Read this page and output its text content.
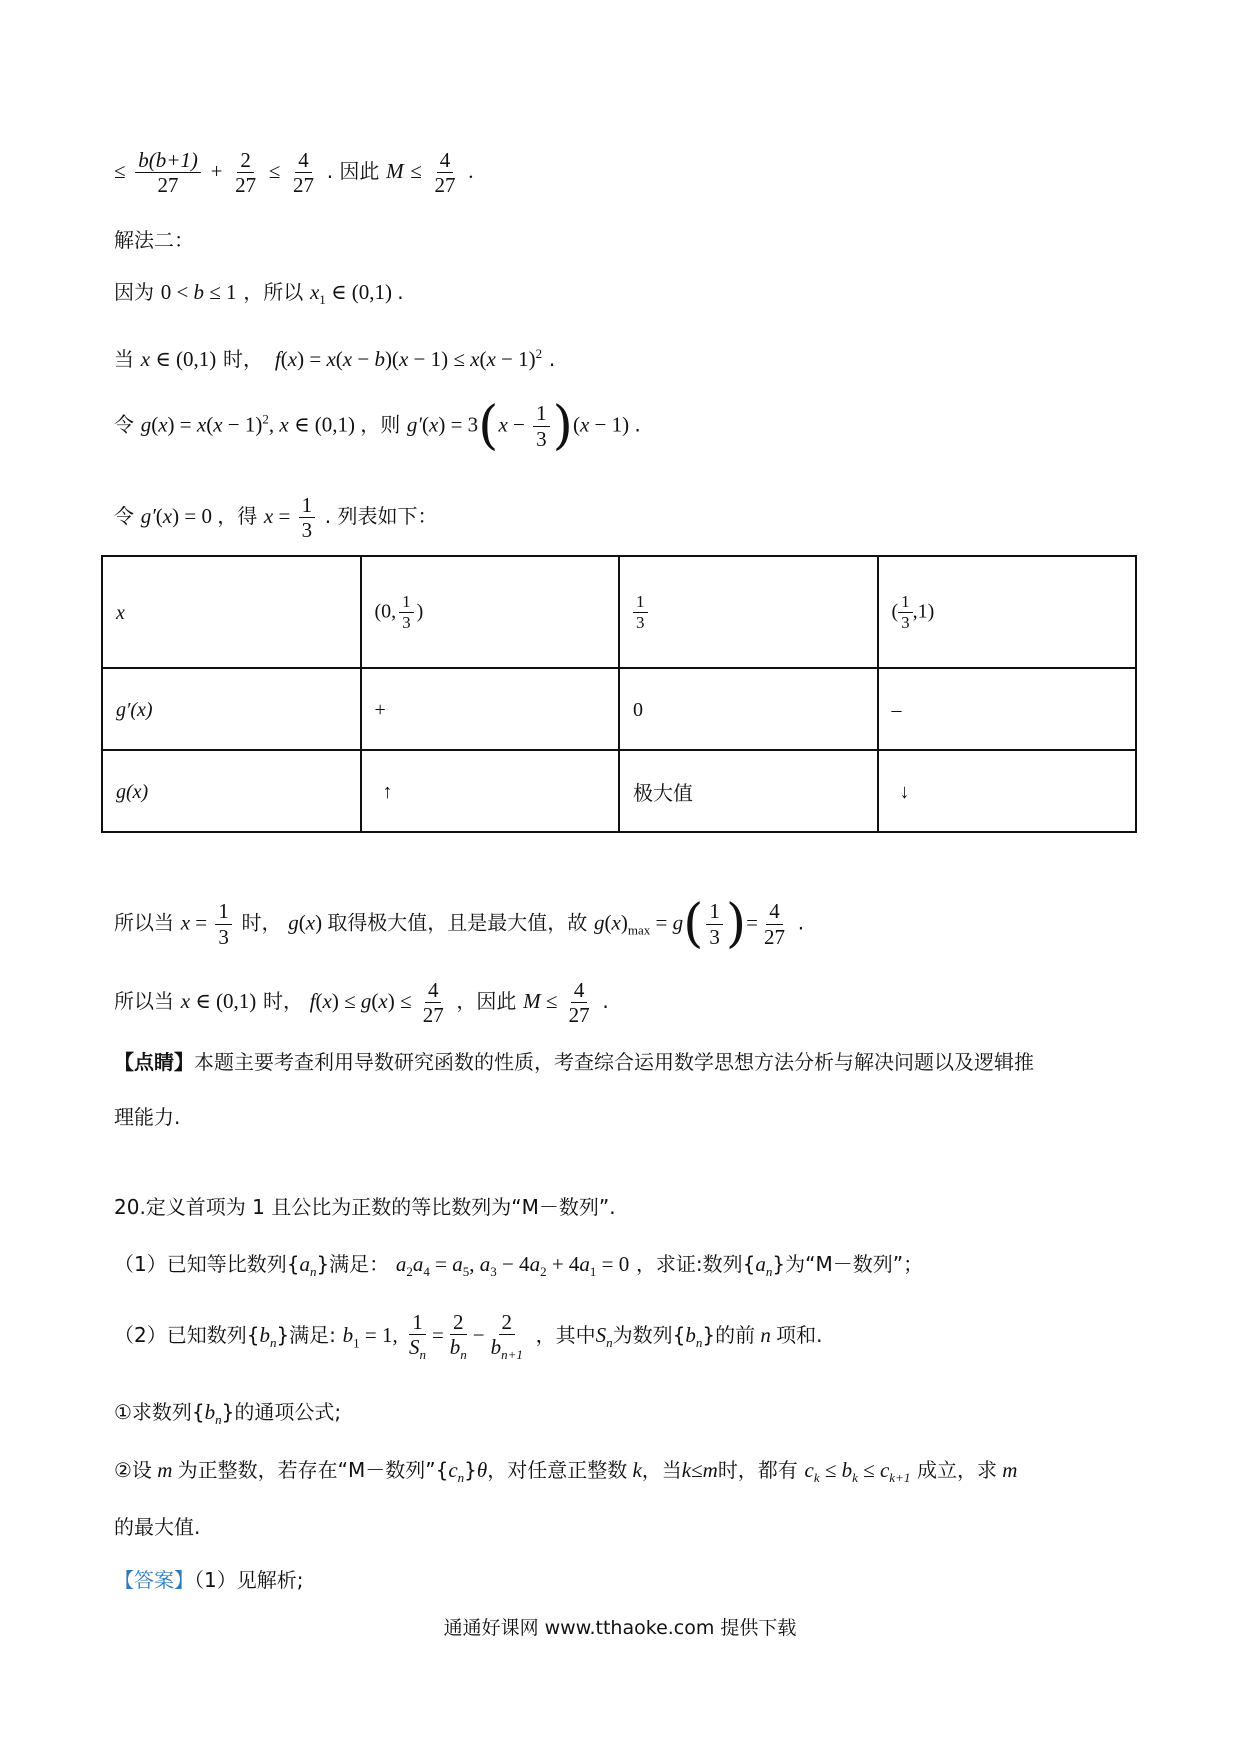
≤ $\frac{b(b+1)}{27} + \frac{2}{27} \le \frac{4}{27}$ . 因此 $M \le \frac{4}{27}$ .
解法二：
因为 0 < b ≤ 1 ，所以 $x_1$ ∈ (0,1) .
当 x ∈ (0,1) 时，  $f(x) = x(x - b)(x - 1) \le x(x - 1)^2$ .
令 $g(x) = x(x - 1)^2$, x ∈ (0,1) ，则 $g'(x) = 3(x - \frac{1}{3} )(x - 1)$ .
令 g′(x) = 0 ，得 $x = \frac{1}{3}$ . 列表如下：
x	(0, $\frac{1}{3}$ )	$\frac{1}{3}$	( $\frac{1}{3} ,1$)
g′(x)	+	0	–
g(x)	↑	极大值	↓
所以当 $x = \frac{1}{3}$ 时， g(x) 取得极大值，且是最大值，故 $g(x)_{max} = g( \frac{1}{3}$ )= $\frac{4}{27}$ .
所以当 x ∈ (0,1) 时， $f(x) \le g(x) \le \frac{4}{27}$ ，因此 $M \le \frac{4}{27}$ .
【点睛】本题主要考查利用导数研究函数的性质，考查综合运用数学思想方法分析与解决问题以及逻辑推
理能力.
20.定义首项为 1 且公比为正数的等比数列为“M－数列”.
（1）已知等比数列$\{a_n\}$满足： $a_2a_4 = a_5$, $a_3 - 4a_2 + 4a_1 = 0$ ，求证:数列$\{a_n\}$为“M－数列”；
（2）已知数列$\{b_n\}$满足: $b_1 = 1$, $\frac{1}{S_n} = \frac{2}{b_n} - \frac{2}{b_{n+1}}$ ，其中$S_n$为数列$\{b_n\}$的前 n 项和.
①求数列$\{b_n\}$的通项公式;
②设 m 为正整数，若存在“M－数列$”\{c_n\}\theta$，对任意正整数 k，当k≤m时，都有 $c_k \le b_k \le c_{k+1}$ 成立，求 m
的最大值.
【答案】（1）见解析;
通通好课网 www.tthaoke.com 提供下载
